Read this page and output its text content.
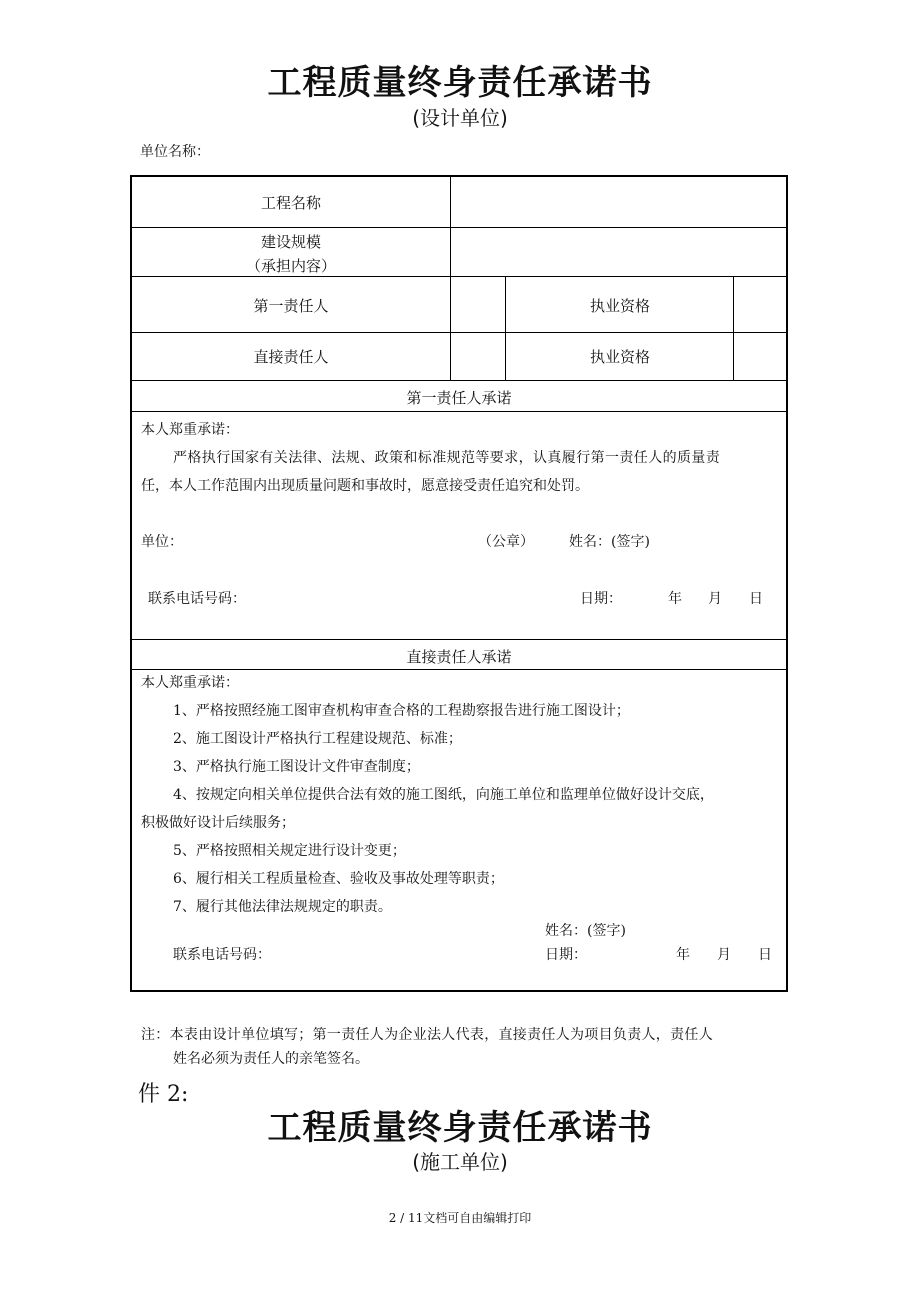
工程质量终身责任承诺书
(设计单位)
单位名称：
工程名称
建设规模
（承担内容）
第一责任人	执业资格
直接责任人	执业资格
第一责任人承诺
本人郑重承诺：
严格执行国家有关法律、法规、政策和标准规范等要求，认真履行第一责任人的质量责
任，本人工作范围内出现质量问题和事故时，愿意接受责任追究和处罚。
单位：	（公章）	姓名：(签字)
联系电话号码：	日期：	年 月 日
直接责任人承诺
本人郑重承诺：
1、严格按照经施工图审查机构审查合格的工程勘察报告进行施工图设计；
2、施工图设计严格执行工程建设规范、标准；
3、严格执行施工图设计文件审查制度；
4、按规定向相关单位提供合法有效的施工图纸，向施工单位和监理单位做好设计交底，
积极做好设计后续服务；
5、严格按照相关规定进行设计变更；
6、履行相关工程质量检查、验收及事故处理等职责；
7、履行其他法律法规规定的职责。
姓名：(签字)
联系电话号码：	日期：	年 月 日
注：本表由设计单位填写；第一责任人为企业法人代表，直接责任人为项目负责人，责任人
姓名必须为责任人的亲笔签名。
件 2:
工程质量终身责任承诺书
(施工单位)
2 / 11文档可自由编辑打印
